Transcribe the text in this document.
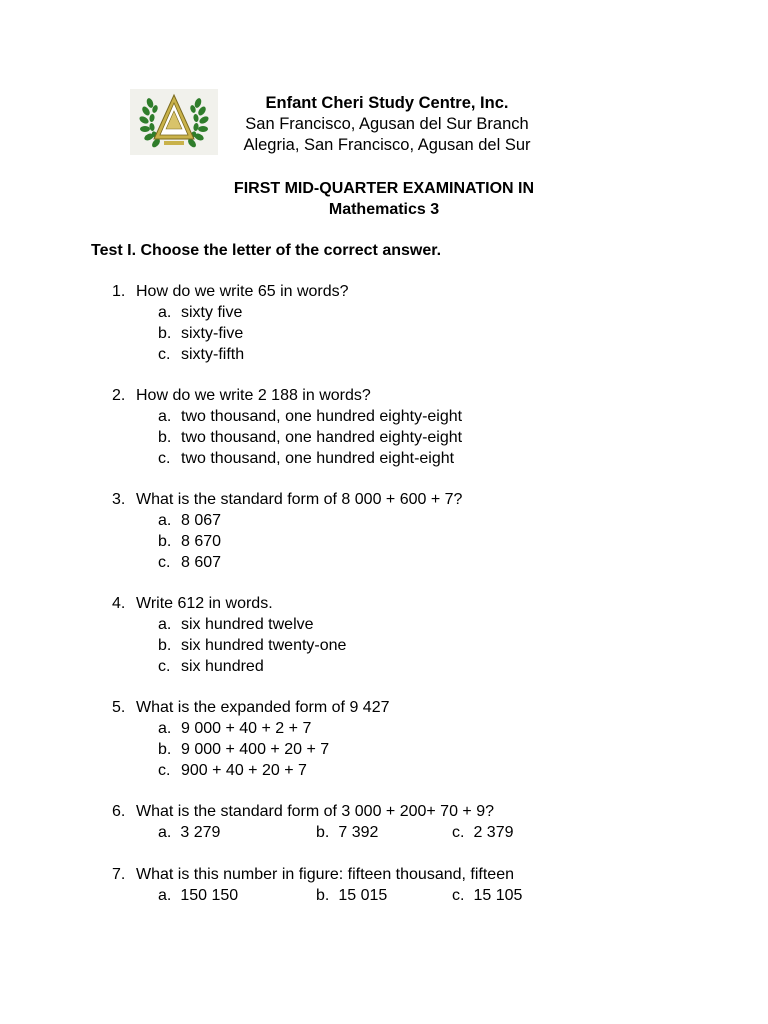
Enfant Cheri Study Centre, Inc.
San Francisco, Agusan del Sur Branch
Alegria, San Francisco, Agusan del Sur
FIRST MID-QUARTER EXAMINATION IN
Mathematics 3
Test I. Choose the letter of the correct answer.
1. How do we write 65 in words?
a. sixty five
b. sixty-five
c. sixty-fifth
2. How do we write 2 188 in words?
a. two thousand, one hundred eighty-eight
b. two thousand, one handred eighty-eight
c. two thousand, one hundred eight-eight
3. What is the standard form of 8 000 + 600 + 7?
a. 8 067
b. 8 670
c. 8 607
4. Write 612 in words.
a. six hundred twelve
b. six hundred twenty-one
c. six hundred
5. What is the expanded form of 9 427
a. 9 000 + 40 + 2 + 7
b. 9 000 + 400 + 20 + 7
c. 900 + 40 + 20 + 7
6. What is the standard form of 3 000 + 200+ 70 + 9?
a. 3 279	b. 7 392	c. 2 379
7. What is this number in figure: fifteen thousand, fifteen
a. 150 150	b. 15 015	c. 15 105
